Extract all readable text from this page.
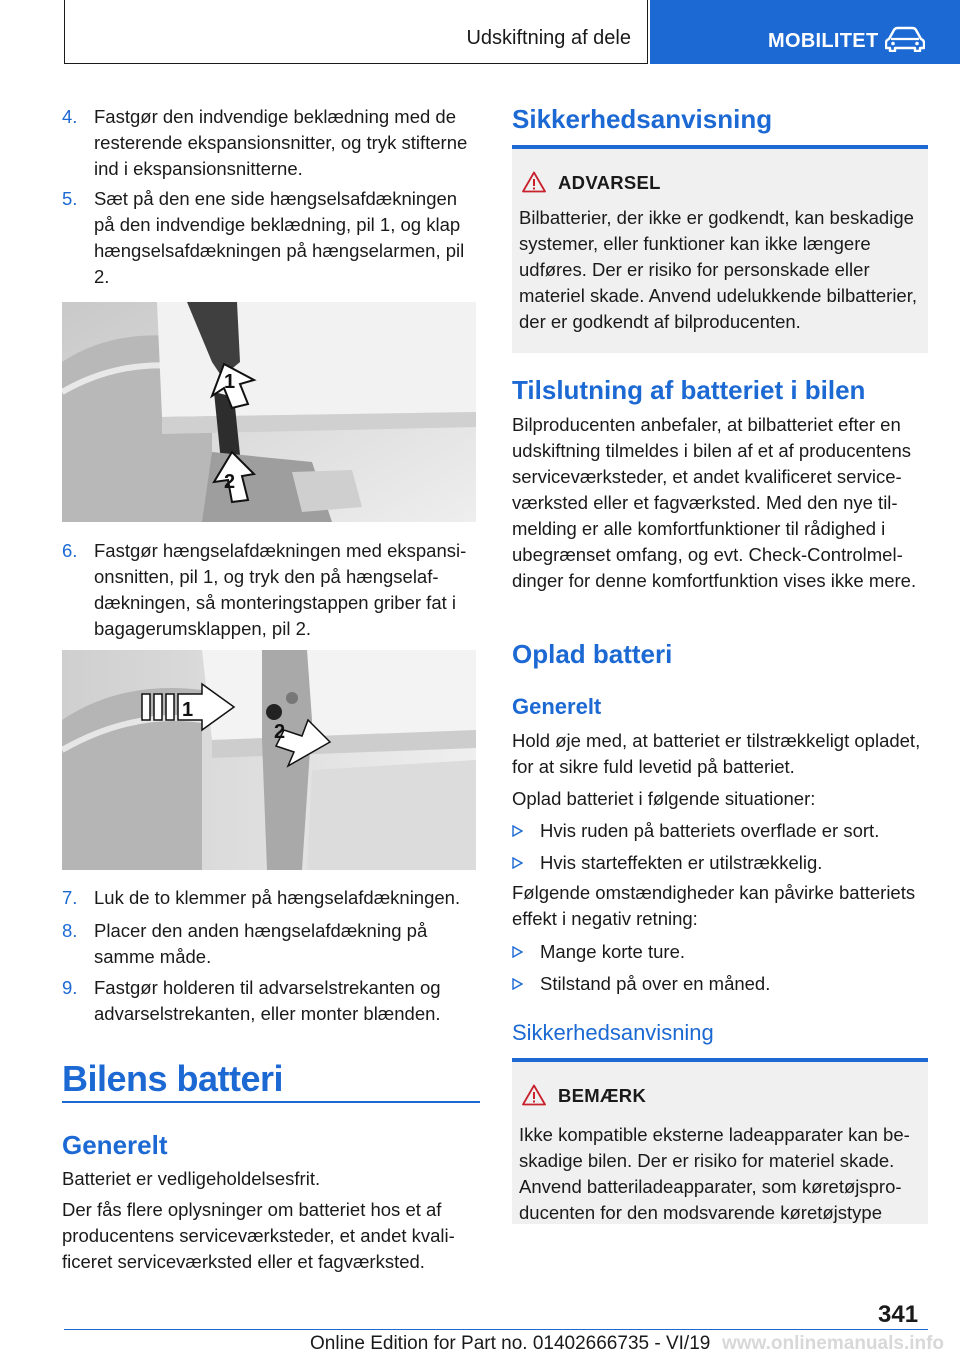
Udskiftning af dele	MOBILITET
4. Fastgør den indvendige beklædning med de resterende ekspansionsnitter, og tryk stifterne ind i ekspansionsnitterne.
5. Sæt på den ene side hængselsafdækningen på den indvendige beklædning, pil 1, og klap hængselsafdækningen på hængselarmen, pil 2.
1
2
6. Fastgør hængselafdækningen med ekspansionsnitten, pil 1, og tryk den på hængselafdækningen, så monteringstappen griber fat i bagagerumsklappen, pil 2.
1
2
7. Luk de to klemmer på hængselafdækningen.
8. Placer den anden hængselafdækning på samme måde.
9. Fastgør holderen til advarselstrekanten og advarselstrekanten, eller monter blænden.
Bilens batteri
Generelt
Batteriet er vedligeholdelsesfrit.
Der fås flere oplysninger om batteriet hos et af producentens serviceværksteder, et andet kvalificeret serviceværksted eller et fagværksted.
Sikkerhedsanvisning
ADVARSEL
Bilbatterier, der ikke er godkendt, kan beskadige systemer, eller funktioner kan ikke længere udføres. Der er risiko for personskade eller materiel skade. Anvend udelukkende bilbatterier, der er godkendt af bilproducenten.
Tilslutning af batteriet i bilen
Bilproducenten anbefaler, at bilbatteriet efter en udskiftning tilmeldes i bilen af et af producentens serviceværksteder, et andet kvalificeret serviceværksted eller et fagværksted. Med den nye tilmelding er alle komfortfunktioner til rådighed i ubegrænset omfang, og evt. Check-Controlmeldinger for denne komfortfunktion vises ikke mere.
Oplad batteri
Generelt
Hold øje med, at batteriet er tilstrækkeligt opladet, for at sikre fuld levetid på batteriet.
Oplad batteriet i følgende situationer:
Hvis ruden på batteriets overflade er sort.
Hvis starteffekten er utilstrækkelig.
Følgende omstændigheder kan påvirke batteriets effekt i negativ retning:
Mange korte ture.
Stilstand på over en måned.
Sikkerhedsanvisning
BEMÆRK
Ikke kompatible eksterne ladeapparater kan beskadige bilen. Der er risiko for materiel skade. Anvend batteriladeapparater, som køretøjsproducenten for den modsvarende køretøjstype
341
Online Edition for Part no. 01402666735 - VI/19 www.onlinemanuals.info
